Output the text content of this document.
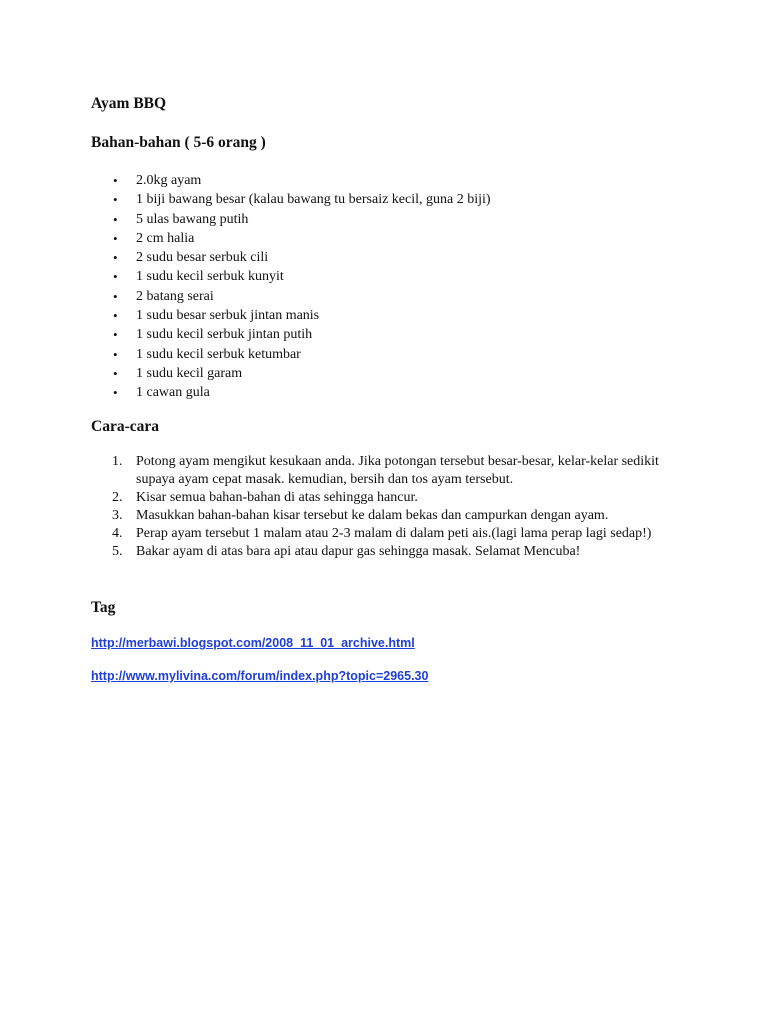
Ayam BBQ
Bahan-bahan ( 5-6 orang )
• 2.0kg ayam
• 1 biji bawang besar (kalau bawang tu bersaiz kecil, guna 2 biji)
• 5 ulas bawang putih
• 2 cm halia
• 2 sudu besar serbuk cili
• 1 sudu kecil serbuk kunyit
• 2 batang serai
• 1 sudu besar serbuk jintan manis
• 1 sudu kecil serbuk jintan putih
• 1 sudu kecil serbuk ketumbar
• 1 sudu kecil garam
• 1 cawan gula
Cara-cara
1. Potong ayam mengikut kesukaan anda. Jika potongan tersebut besar-besar, kelar-kelar sedikit supaya ayam cepat masak. kemudian, bersih dan tos ayam tersebut.
2. Kisar semua bahan-bahan di atas sehingga hancur.
3. Masukkan bahan-bahan kisar tersebut ke dalam bekas dan campurkan dengan ayam.
4. Perap ayam tersebut 1 malam atau 2-3 malam di dalam peti ais.(lagi lama perap lagi sedap!)
5. Bakar ayam di atas bara api atau dapur gas sehingga masak. Selamat Mencuba!
Tag
http://merbawi.blogspot.com/2008_11_01_archive.html
http://www.mylivina.com/forum/index.php?topic=2965.30
